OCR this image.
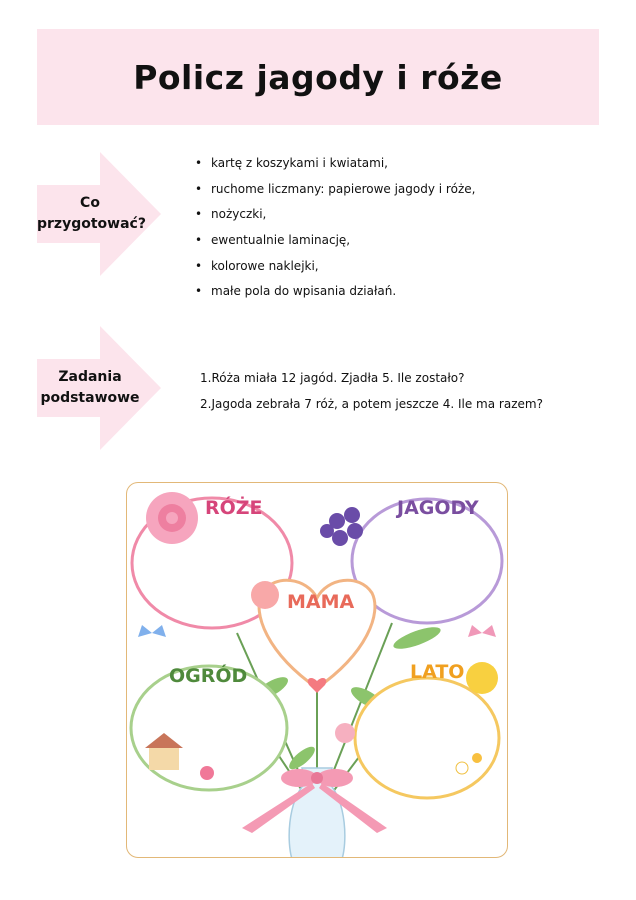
Policz jagody i róże
Co
przygotować?
• kartę z koszykami i kwiatami,
• ruchome liczmany: papierowe jagody i róże,
• nożyczki,
• ewentualnie laminację,
• kolorowe naklejki,
• małe pola do wpisania działań.
Zadania
podstawowe
1.Róża miała 12 jagód. Zjadła 5. Ile zostało?
2.Jagoda zebrała 7 róż, a potem jeszcze 4. Ile ma razem?
RÓŻE	JAGODY
MAMA
OGRÓD	LATO
